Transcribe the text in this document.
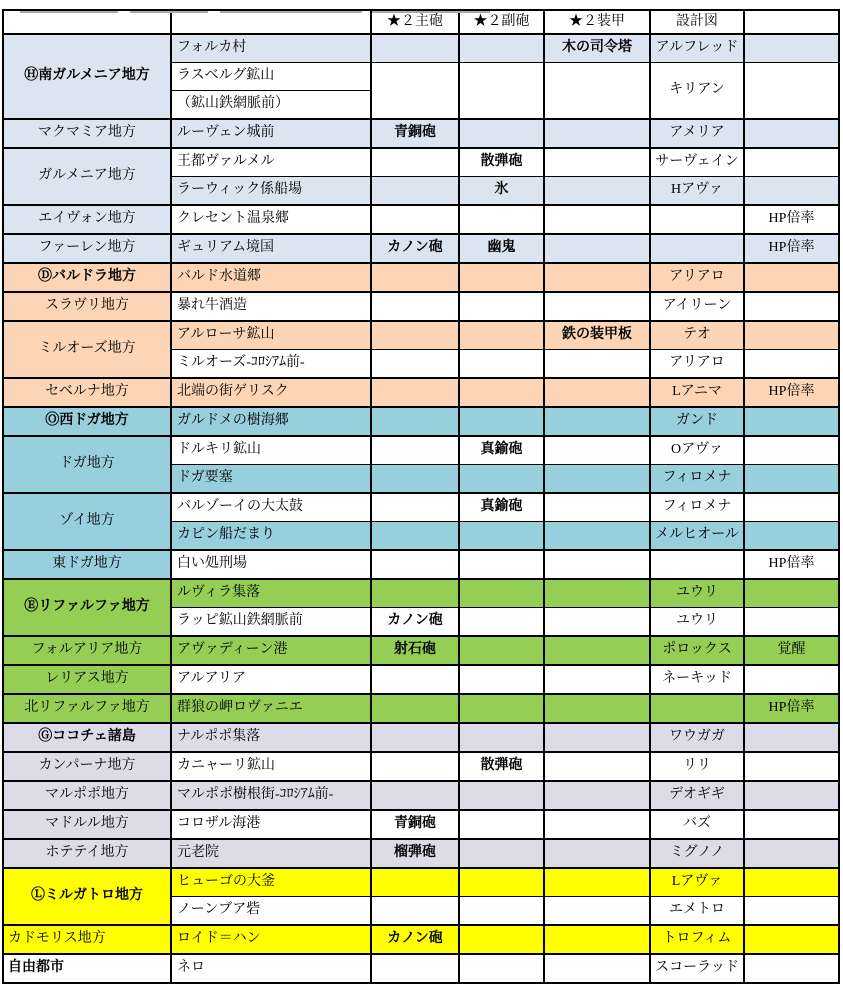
		★２主砲	★２副砲	★２装甲	設計図	
Ⓗ南ガルメニア地方	フォルカ村			木の司令塔	アルフレッド	
	ラスベルグ鉱山				キリアン	
	（鉱山鉄網脈前）					
マクマミア地方	ルーヴェン城前	青銅砲			アメリア	
ガルメニア地方	王都ヴァルメル		散弾砲		サーヴェイン	
	ラーウィック係船場		氷		Hアヴァ	
エイヴォン地方	クレセント温泉郷					HP倍率
ファーレン地方	ギュリアム境国	カノン砲	幽鬼			HP倍率
Ⓓバルドラ地方	バルド水道郷				アリアロ	
スラヴリ地方	暴れ牛酒造				アイリーン	
ミルオーズ地方	アルローサ鉱山			鉄の装甲板	テオ	
	ミルオーズ-ｺﾛｼｱﾑ前-				アリアロ	
セベルナ地方	北端の街ゲリスク				Lアニマ	HP倍率
Ⓞ西ドガ地方	ガルドメの樹海郷				ガンド	
ドガ地方	ドルキリ鉱山		真鍮砲		Oアヴァ	
	ドガ要塞				フィロメナ	
ゾイ地方	バルゾーイの大太鼓		真鍮砲		フィロメナ	
	カピン船だまり				メルヒオール	
東ドガ地方	白い処刑場					HP倍率
Ⓔリファルファ地方	ルヴィラ集落				ユウリ	
	ラッピ鉱山鉄網脈前	カノン砲			ユウリ	
フォルアリア地方	アヴァディーン港	射石砲			ポロックス	覚醒
レリアス地方	アルアリア				ネーキッド	
北リファルファ地方	群狼の岬ロヴァニエ					HP倍率
Ⓖココチェ諸島	ナルポポ集落				ワウガガ	
カンパーナ地方	カニャーリ鉱山		散弾砲		リリ	
マルポポ地方	マルポポ樹根街-ｺﾛｼｱﾑ前-				デオギギ	
マドルル地方	コロザル海港	青銅砲			バズ	
ホテテイ地方	元老院	榴弾砲			ミグノノ	
Ⓛミルガトロ地方	ヒューゴの大釜				Lアヴァ	
	ノーンブア砦				エメトロ	
カドモリス地方	ロイド＝ハン	カノン砲			トロフィム	
自由都市	ネロ				スコーラッド	
